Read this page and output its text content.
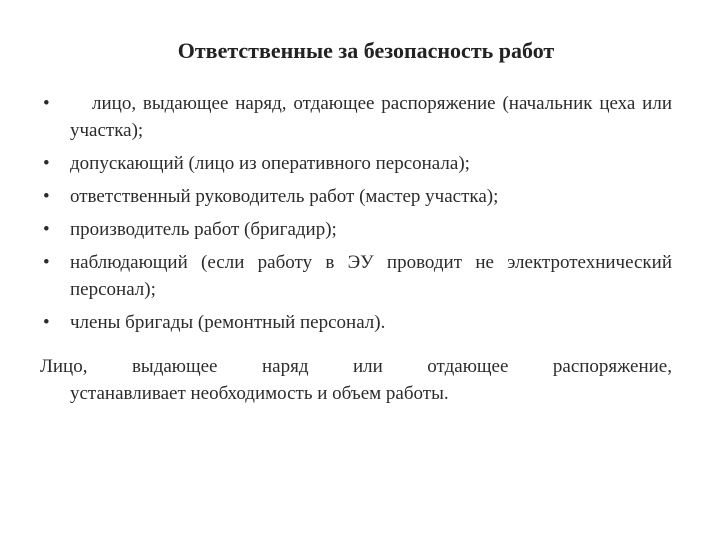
Ответственные за безопасность работ
•	лицо, выдающее наряд, отдающее распоряжение (начальник цеха или участка);
• допускающий (лицо из оперативного персонала);
• ответственный руководитель работ (мастер участка);
• производитель работ (бригадир);
• наблюдающий (если работу в ЭУ проводит не электротехнический персонал);
• члены бригады (ремонтный персонал).
Лицо, выдающее наряд или отдающее распоряжение,
устанавливает необходимость и объем работы.
